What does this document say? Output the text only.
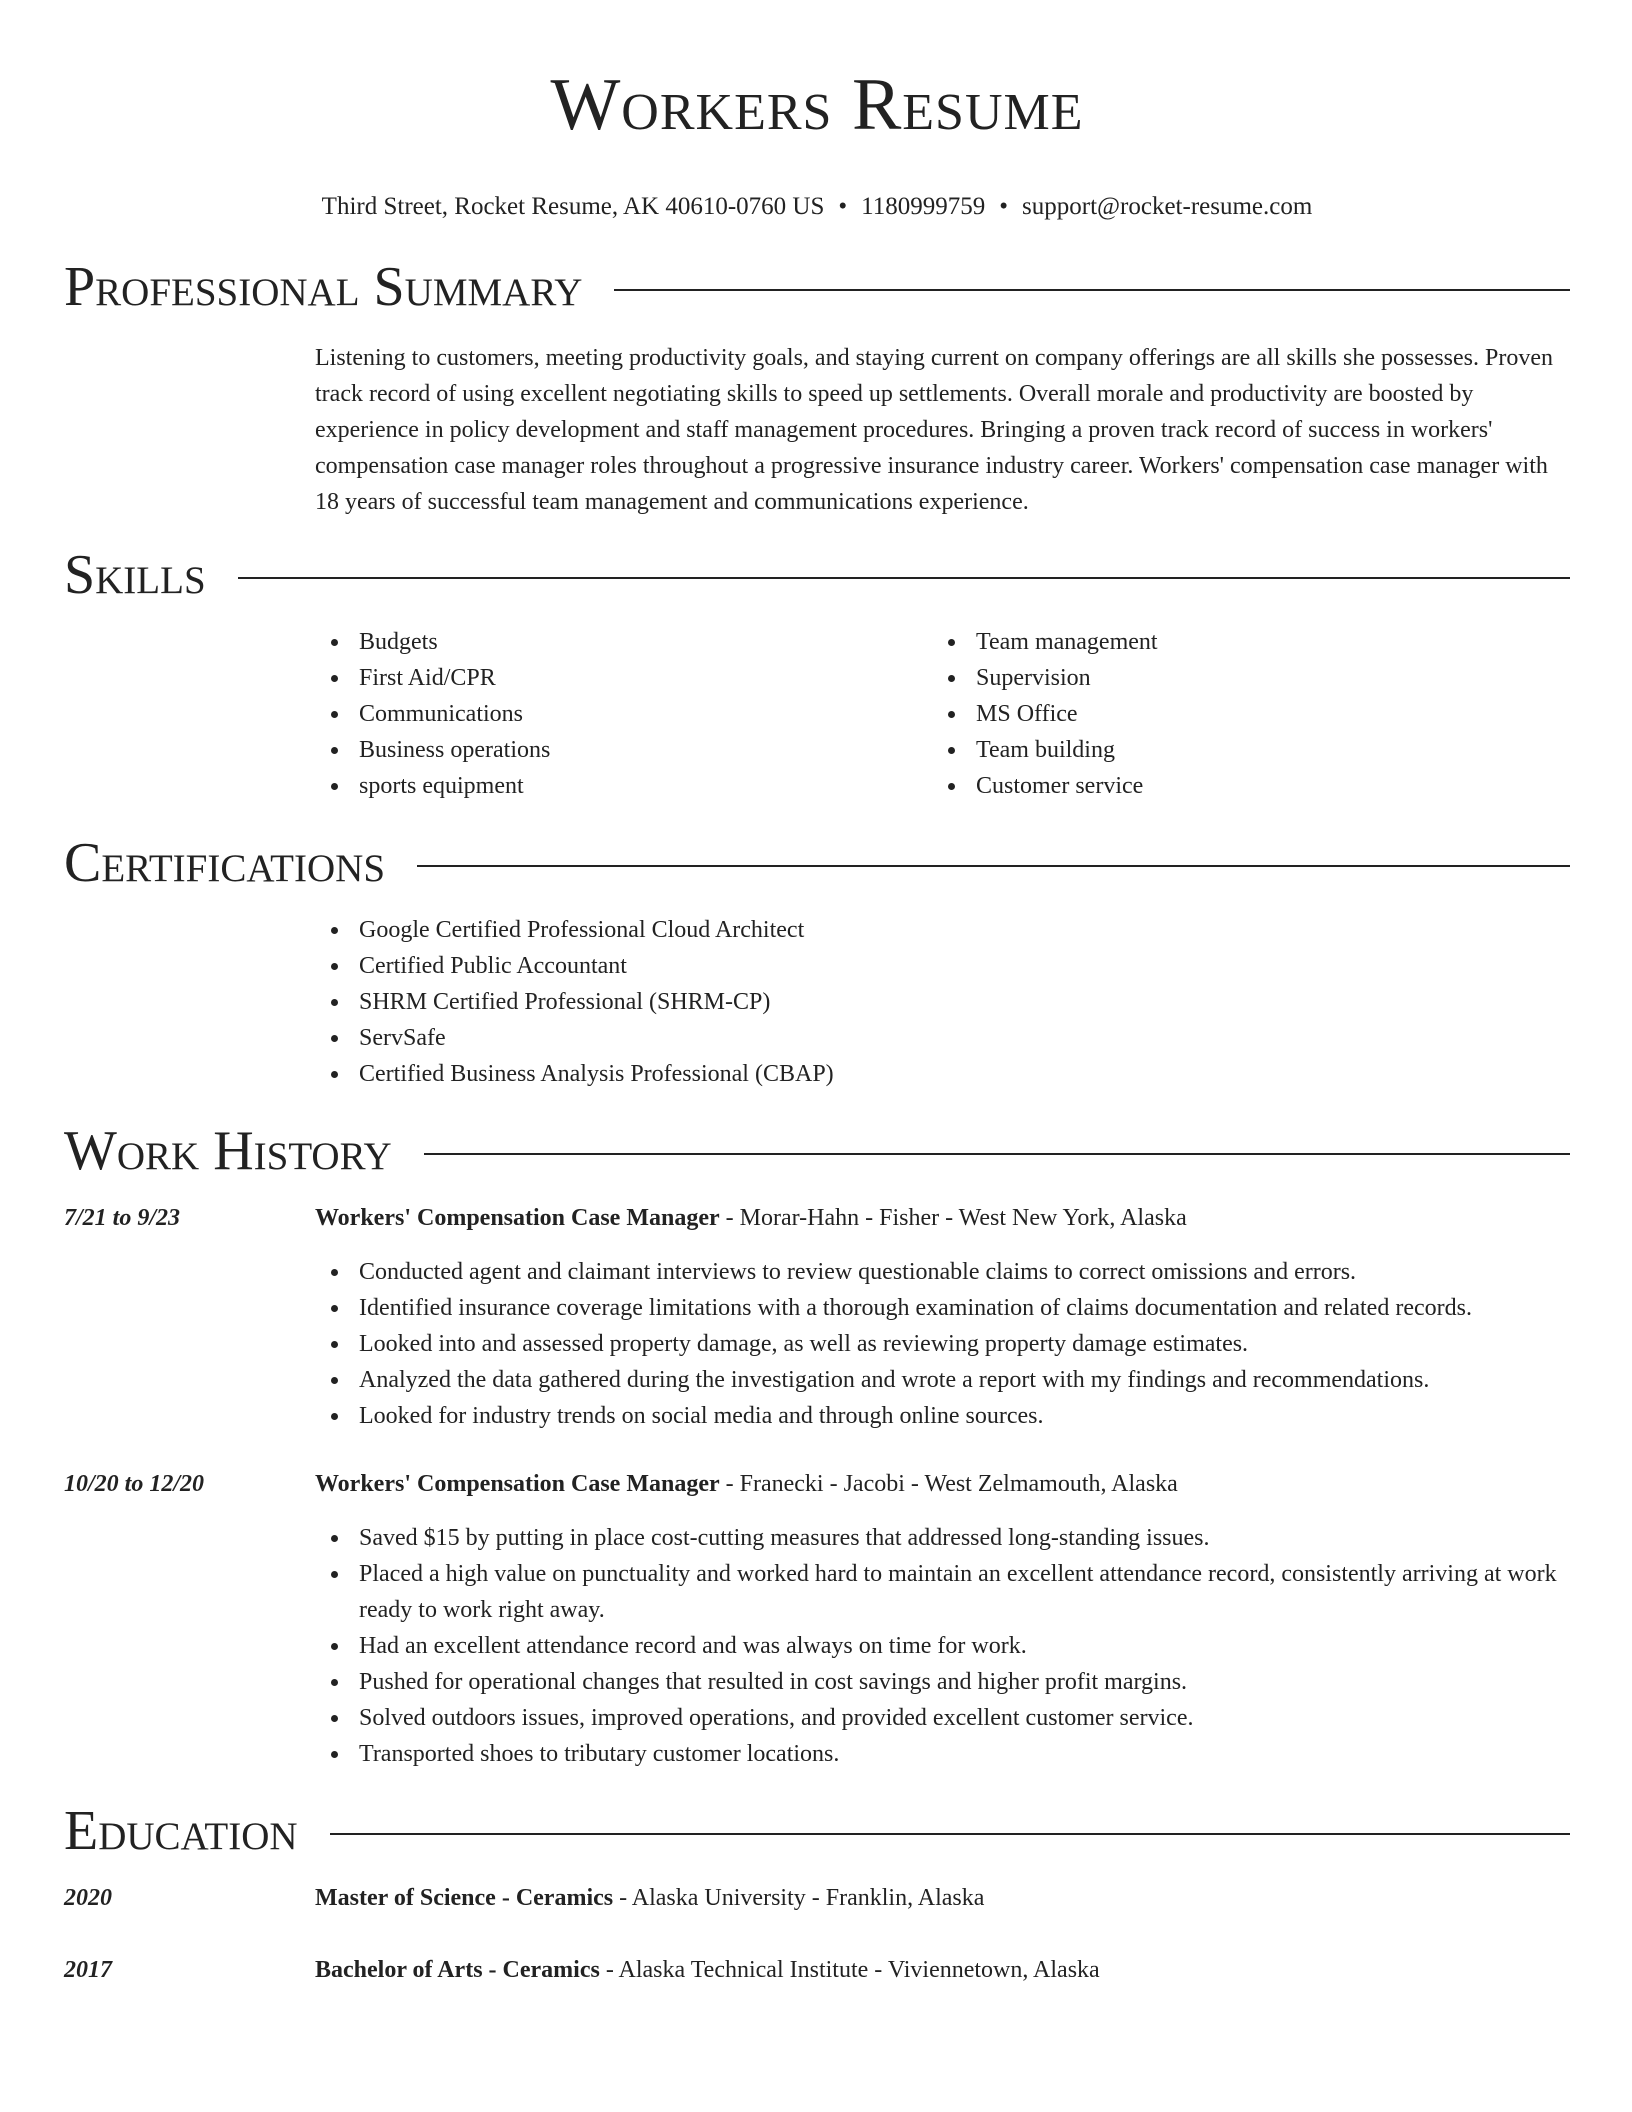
Workers Resume
Third Street, Rocket Resume, AK 40610-0760 US • 1180999759 • support@rocket-resume.com
Professional Summary

Listening to customers, meeting productivity goals, and staying current on company offerings are all skills she possesses. Proven track record of using excellent negotiating skills to speed up settlements. Overall morale and productivity are boosted by experience in policy development and staff management procedures. Bringing a proven track record of success in workers' compensation case manager roles throughout a progressive insurance industry career. Workers' compensation case manager with 18 years of successful team management and communications experience.

Skills
Budgets
First Aid/CPR
Communications
Business operations
sports equipment
Team management
Supervision
MS Office
Team building
Customer service
Certifications
Google Certified Professional Cloud Architect
Certified Public Accountant
SHRM Certified Professional (SHRM-CP)
ServSafe
Certified Business Analysis Professional (CBAP)
Work History
7/21 to 9/23	Workers' Compensation Case Manager - Morar-Hahn - Fisher - West New York, Alaska
Conducted agent and claimant interviews to review questionable claims to correct omissions and errors.
Identified insurance coverage limitations with a thorough examination of claims documentation and related records.
Looked into and assessed property damage, as well as reviewing property damage estimates.
Analyzed the data gathered during the investigation and wrote a report with my findings and recommendations.
Looked for industry trends on social media and through online sources.
10/20 to 12/20	Workers' Compensation Case Manager - Franecki - Jacobi - West Zelmamouth, Alaska
Saved $15 by putting in place cost-cutting measures that addressed long-standing issues.
Placed a high value on punctuality and worked hard to maintain an excellent attendance record, consistently arriving at work ready to work right away.
Had an excellent attendance record and was always on time for work.
Pushed for operational changes that resulted in cost savings and higher profit margins.
Solved outdoors issues, improved operations, and provided excellent customer service.
Transported shoes to tributary customer locations.
Education
2020	Master of Science - Ceramics - Alaska University - Franklin, Alaska
2017	Bachelor of Arts - Ceramics - Alaska Technical Institute - Viviennetown, Alaska
